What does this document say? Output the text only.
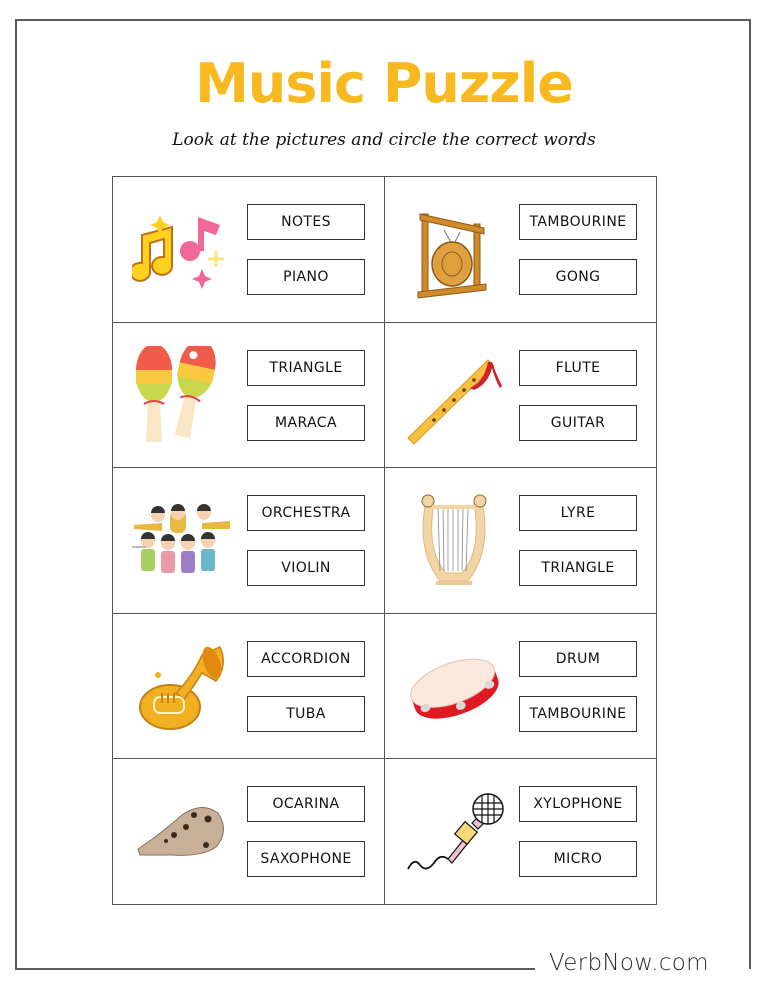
Music Puzzle
Look at the pictures and circle the correct words
NOTES
PIANO
TAMBOURINE
GONG
TRIANGLE
MARACA
FLUTE
GUITAR
ORCHESTRA
VIOLIN
LYRE
TRIANGLE
ACCORDION
TUBA
DRUM
TAMBOURINE
OCARINA
SAXOPHONE
XYLOPHONE
MICRO
VerbNow.com
